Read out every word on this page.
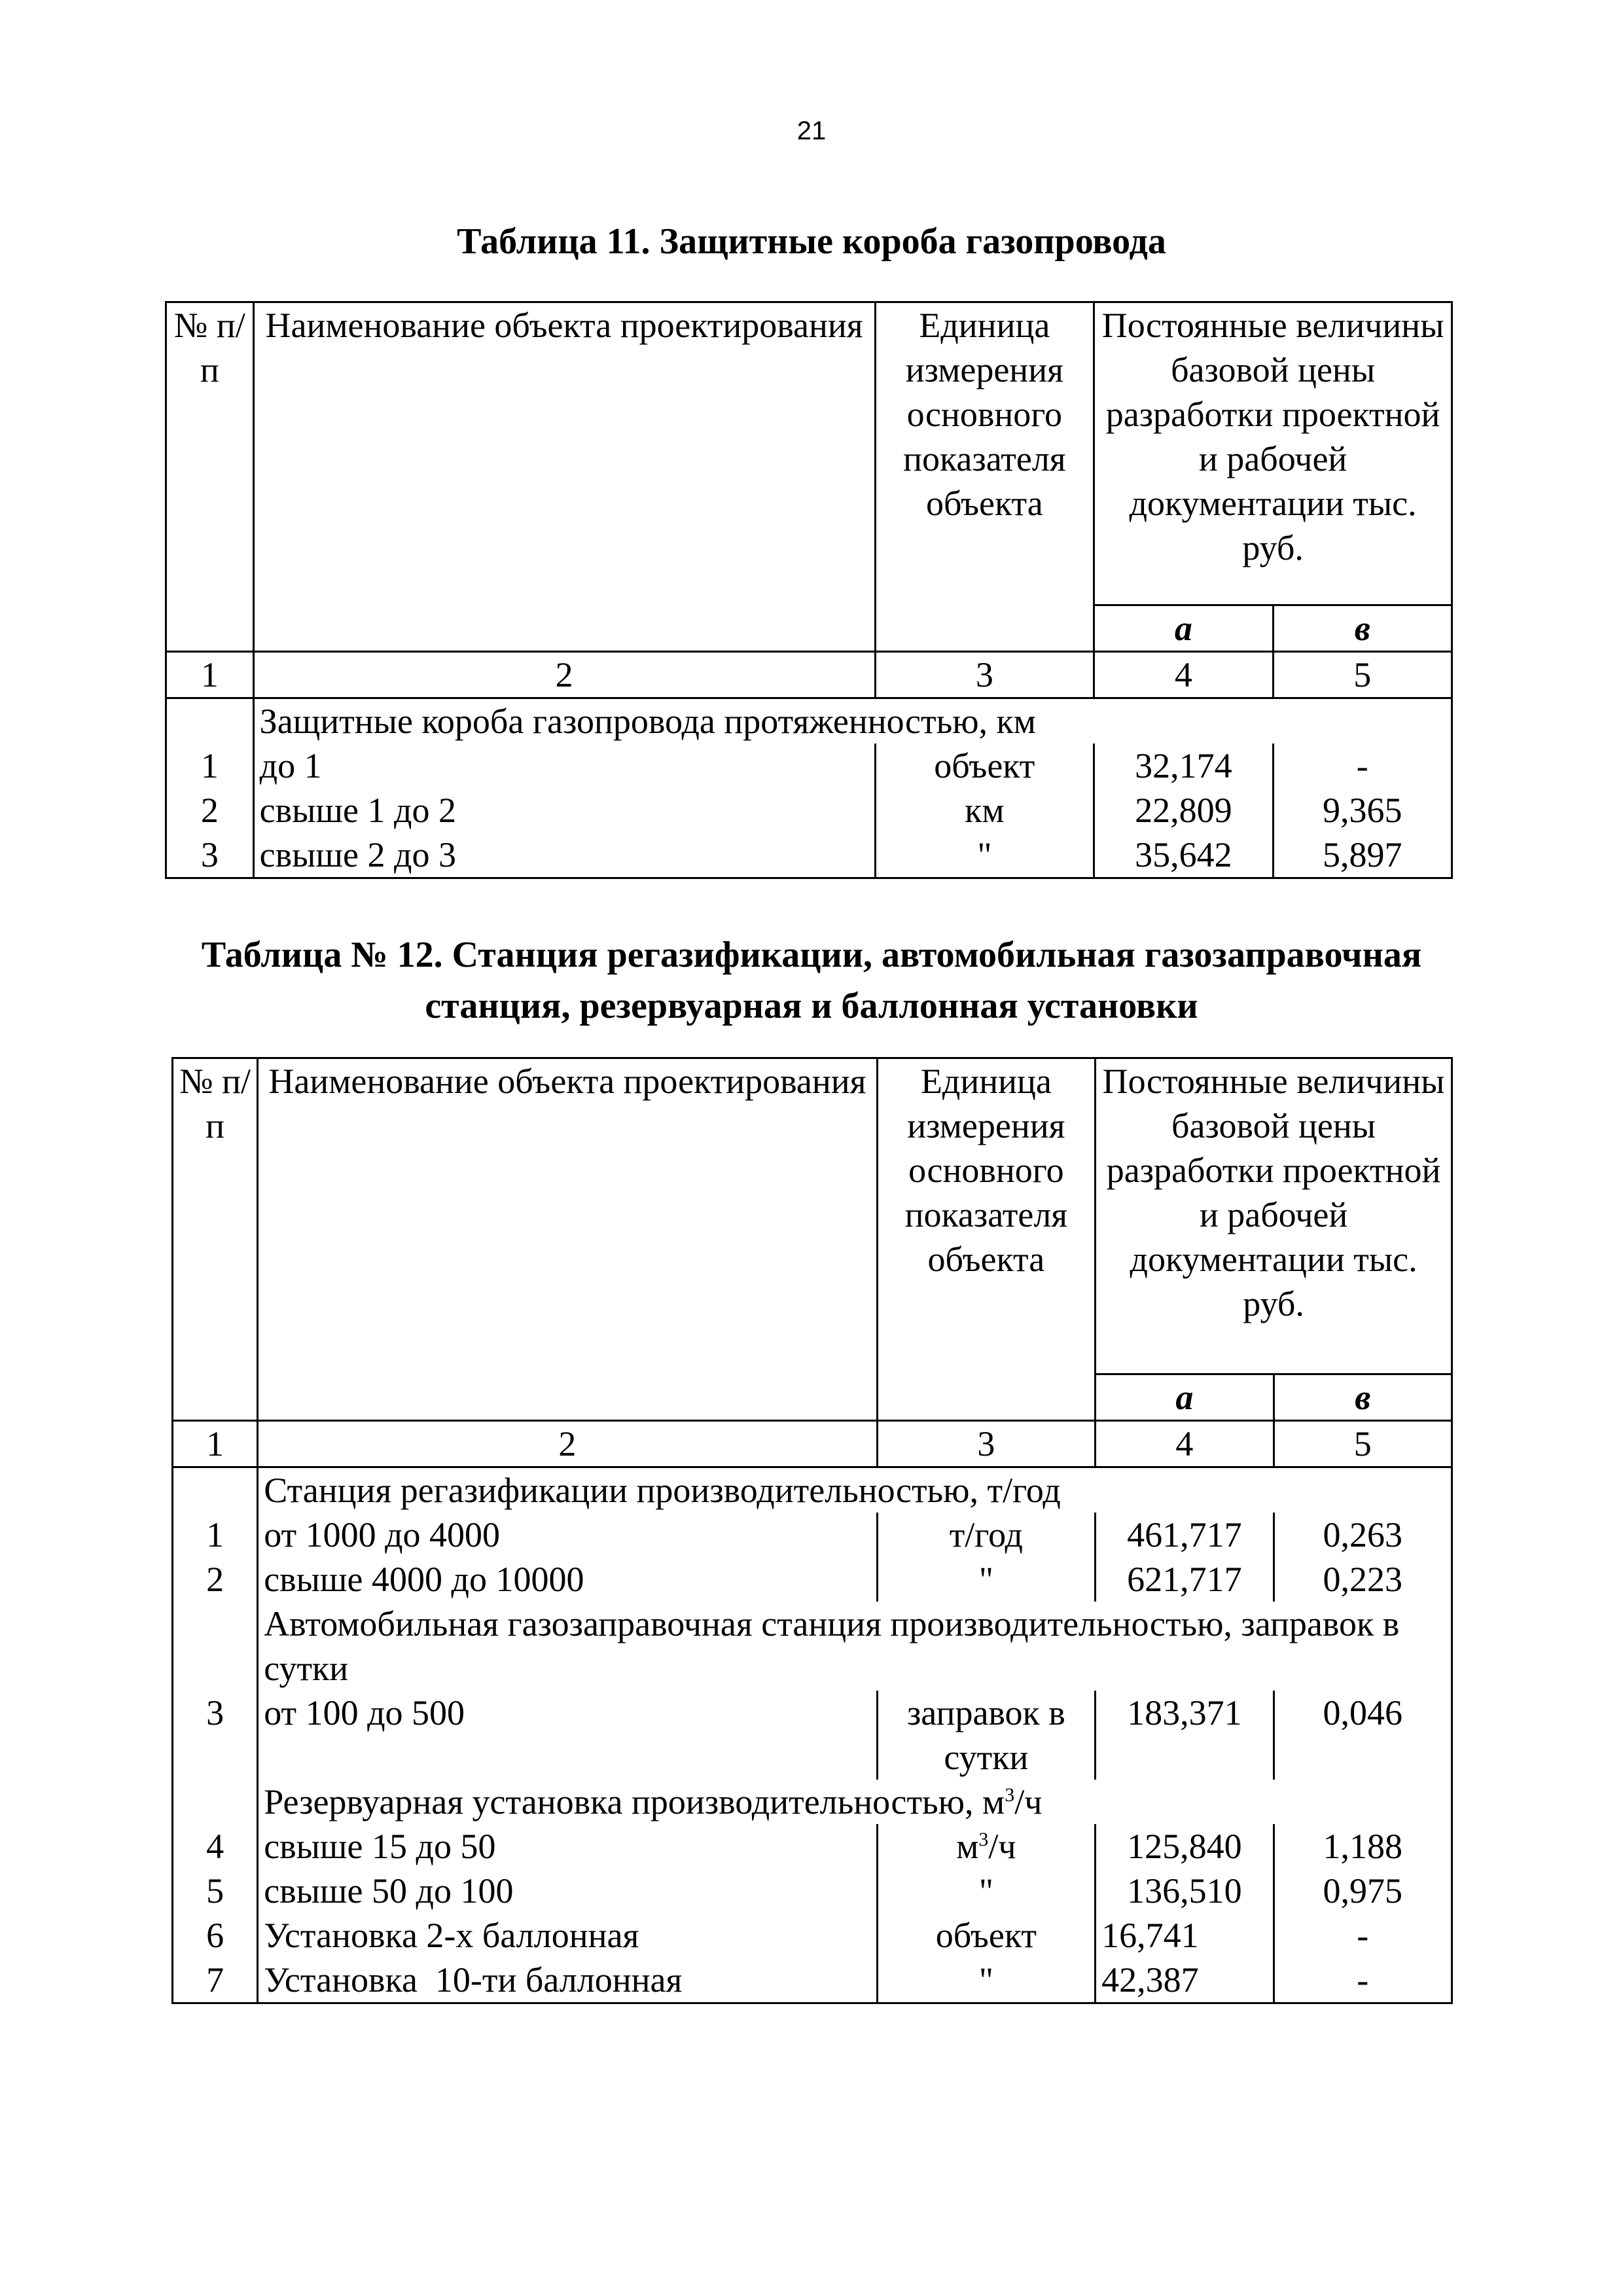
21
Таблица 11. Защитные короба газопровода
№ п/п	Наименование объекта проектирования	Единица измерения основного показателя объекта	Постоянные величины базовой цены разработки проектной и рабочей документации тыс. руб.	
			а	в
1	2	3	4	5
	Защитные короба газопровода протяженностью, км			
1	до 1	объект	32,174	-
2	свыше 1 до 2	км	22,809	9,365
3	свыше 2 до 3	"	35,642	5,897
Таблица № 12. Станция регазификации, автомобильная газозаправочная
станция, резервуарная и баллонная установки
№ п/п	Наименование объекта проектирования	Единица измерения основного показателя объекта	Постоянные величины базовой цены разработки проектной и рабочей документации тыс. руб.	
			а	в
1	2	3	4	5
	Станция регазификации производительностью, т/год			
1	от 1000 до 4000	т/год	461,717	0,263
2	свыше 4000 до 10000	"	621,717	0,223
	Автомобильная газозаправочная станция производительностью, заправок в сутки			
3	от 100 до 500	заправок в сутки	183,371	0,046
	Резервуарная установка производительностью, $м^3/ч$			
4	свыше 15 до 50	$м^3/ч$	125,840	1,188
5	свыше 50 до 100	"	136,510	0,975
6	Установка 2-х баллонная	объект	16,741	-
7	Установка  10-ти баллонная	"	42,387	-
